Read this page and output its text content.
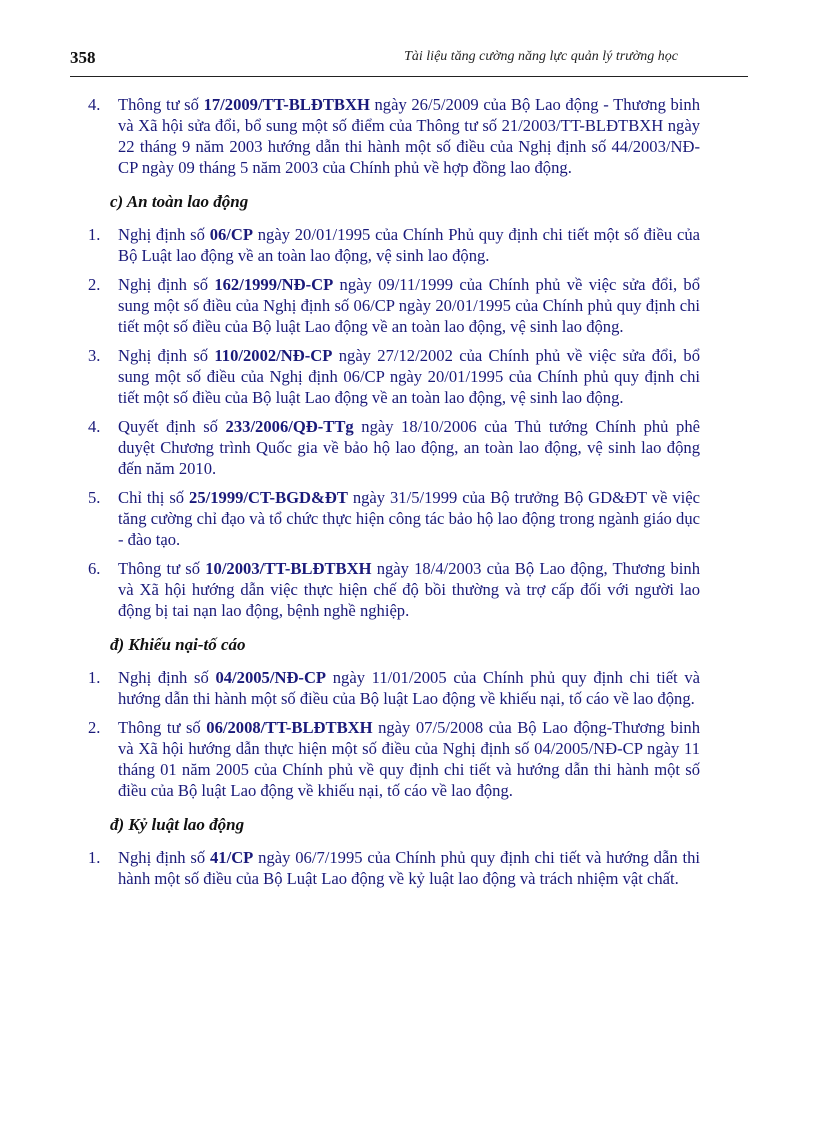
358	Tài liệu tăng cường năng lực quản lý trường học
4.	Thông tư số 17/2009/TT-BLĐTBXH ngày 26/5/2009 của Bộ Lao động - Thương binh và Xã hội sửa đổi, bổ sung một số điểm của Thông tư số 21/2003/TT-BLĐTBXH ngày 22 tháng 9 năm 2003 hướng dẫn thi hành một số điều của Nghị định số 44/2003/NĐ-CP ngày 09 tháng 5 năm 2003 của Chính phủ về hợp đồng lao động.
c) An toàn lao động
1.	Nghị định số 06/CP ngày 20/01/1995 của Chính Phủ quy định chi tiết một số điều của Bộ Luật lao động về an toàn lao động, vệ sinh lao động.
2.	Nghị định số 162/1999/NĐ-CP ngày 09/11/1999 của Chính phủ về việc sửa đổi, bổ sung một số điều của Nghị định số 06/CP ngày 20/01/1995 của Chính phủ quy định chi tiết một số điều của Bộ luật Lao động về an toàn lao động, vệ sinh lao động.
3.	Nghị định số 110/2002/NĐ-CP ngày 27/12/2002 của Chính phủ về việc sửa đổi, bổ sung một số điều của Nghị định 06/CP ngày 20/01/1995 của Chính phủ quy định chi tiết một số điều của Bộ luật Lao động về an toàn lao động, vệ sinh lao động.
4.	Quyết định số 233/2006/QĐ-TTg ngày 18/10/2006 của Thủ tướng Chính phủ phê duyệt Chương trình Quốc gia về bảo hộ lao động, an toàn lao động, vệ sinh lao động đến năm 2010.
5.	Chỉ thị số 25/1999/CT-BGD&ĐT ngày 31/5/1999 của Bộ trưởng Bộ GD&ĐT về việc tăng cường chỉ đạo và tổ chức thực hiện công tác bảo hộ lao động trong ngành giáo dục - đào tạo.
6.	Thông tư số 10/2003/TT-BLĐTBXH ngày 18/4/2003 của Bộ Lao động, Thương binh và Xã hội hướng dẫn việc thực hiện chế độ bồi thường và trợ cấp đối với người lao động bị tai nạn lao động, bệnh nghề nghiệp.
đ) Khiếu nại-tố cáo
1.	Nghị định số 04/2005/NĐ-CP ngày 11/01/2005 của Chính phủ quy định chi tiết và hướng dẫn thi hành một số điều của Bộ luật Lao động về khiếu nại, tố cáo về lao động.
2.	Thông tư số 06/2008/TT-BLĐTBXH ngày 07/5/2008 của Bộ Lao động-Thương binh và Xã hội hướng dẫn thực hiện một số điều của Nghị định số 04/2005/NĐ-CP ngày 11 tháng 01 năm 2005 của Chính phủ về quy định chi tiết và hướng dẫn thi hành một số điều của Bộ luật Lao động về khiếu nại, tố cáo về lao động.
đ) Kỷ luật lao động
1.	Nghị định số 41/CP ngày 06/7/1995 của Chính phủ quy định chi tiết và hướng dẫn thi hành một số điều của Bộ Luật Lao động về kỷ luật lao động và trách nhiệm vật chất.
